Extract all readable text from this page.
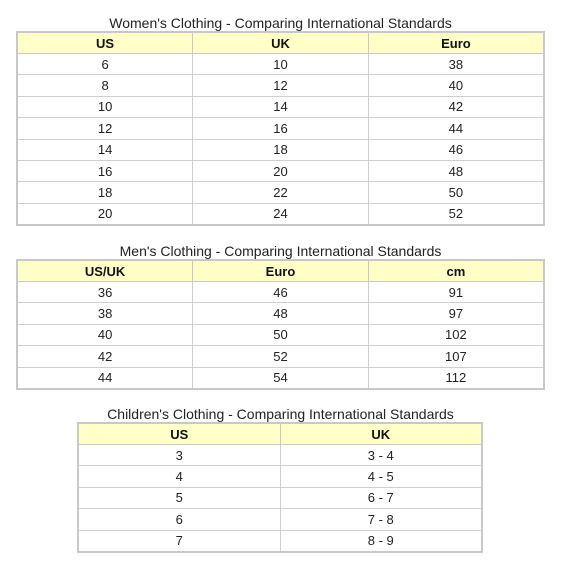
Women's Clothing - Comparing International Standards
US	UK	Euro
6	10	38
8	12	40
10	14	42
12	16	44
14	18	46
16	20	48
18	22	50
20	24	52
Men's Clothing - Comparing International Standards
US/UK	Euro	cm
36	46	91
38	48	97
40	50	102
42	52	107
44	54	112
Children's Clothing - Comparing International Standards
US	UK
3	3 - 4
4	4 - 5
5	6 - 7
6	7 - 8
7	8 - 9
